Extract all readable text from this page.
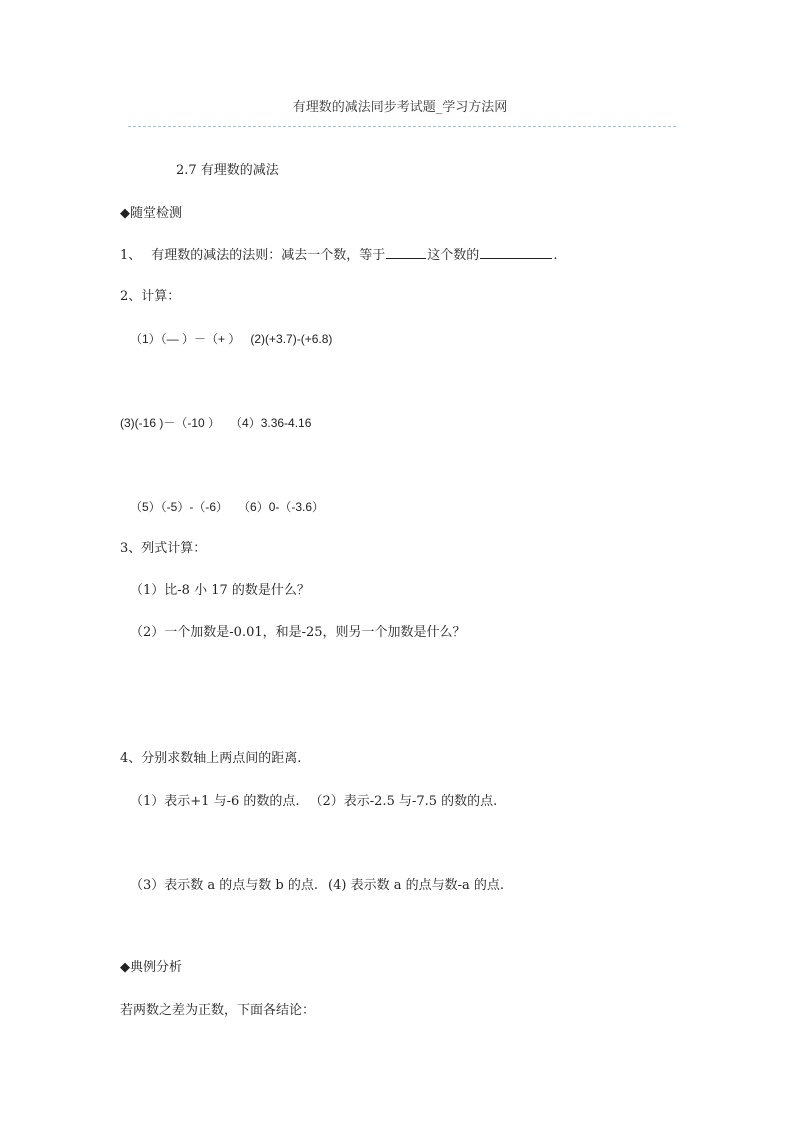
有理数的减法同步考试题_学习方法网
2.7 有理数的减法
◆随堂检测
1、 有理数的减法的法则：减去一个数，等于	这个数的	.
2、计算：
（1）（— ）－（+ ） (2)(+3.7)-(+6.8)
(3)(-16 )－（-10 ） （4）3.36-4.16
（5）（-5）-（-6） （6）0-（-3.6）
3、列式计算：
（1）比-8 小 17 的数是什么？
（2）一个加数是-0.01，和是-25，则另一个加数是什么？
4、分别求数轴上两点间的距离.
（1）表示+1 与-6 的数的点. （2）表示-2.5 与-7.5 的数的点.
（3）表示数 a 的点与数 b 的点. (4) 表示数 a 的点与数-a 的点.
◆典例分析
若两数之差为正数，下面各结论：
